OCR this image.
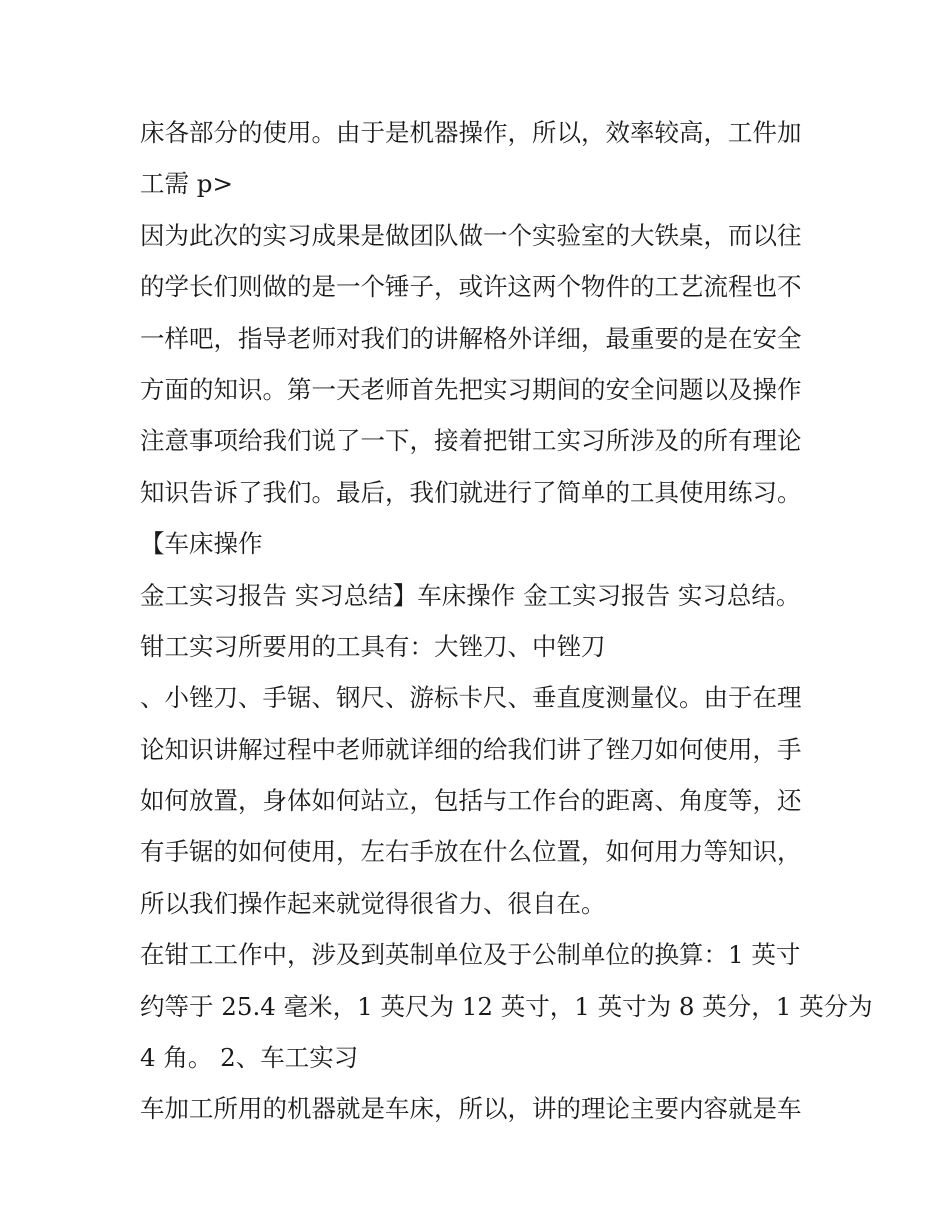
床各部分的使用。由于是机器操作，所以，效率较高，工件加
工需 p>
因为此次的实习成果是做团队做一个实验室的大铁桌，而以往
的学长们则做的是一个锤子，或许这两个物件的工艺流程也不
一样吧，指导老师对我们的讲解格外详细，最重要的是在安全
方面的知识。第一天老师首先把实习期间的安全问题以及操作
注意事项给我们说了一下，接着把钳工实习所涉及的所有理论
知识告诉了我们。最后，我们就进行了简单的工具使用练习。
【车床操作
金工实习报告 实习总结】车床操作 金工实习报告 实习总结。
钳工实习所要用的工具有：大锉刀、中锉刀
、小锉刀、手锯、钢尺、游标卡尺、垂直度测量仪。由于在理
论知识讲解过程中老师就详细的给我们讲了锉刀如何使用，手
如何放置，身体如何站立，包括与工作台的距离、角度等，还
有手锯的如何使用，左右手放在什么位置，如何用力等知识，
所以我们操作起来就觉得很省力、很自在。
在钳工工作中，涉及到英制单位及于公制单位的换算：1 英寸
约等于 25.4 毫米，1 英尺为 12 英寸，1 英寸为 8 英分，1 英分为
4 角。 2、车工实习
车加工所用的机器就是车床，所以，讲的理论主要内容就是车
